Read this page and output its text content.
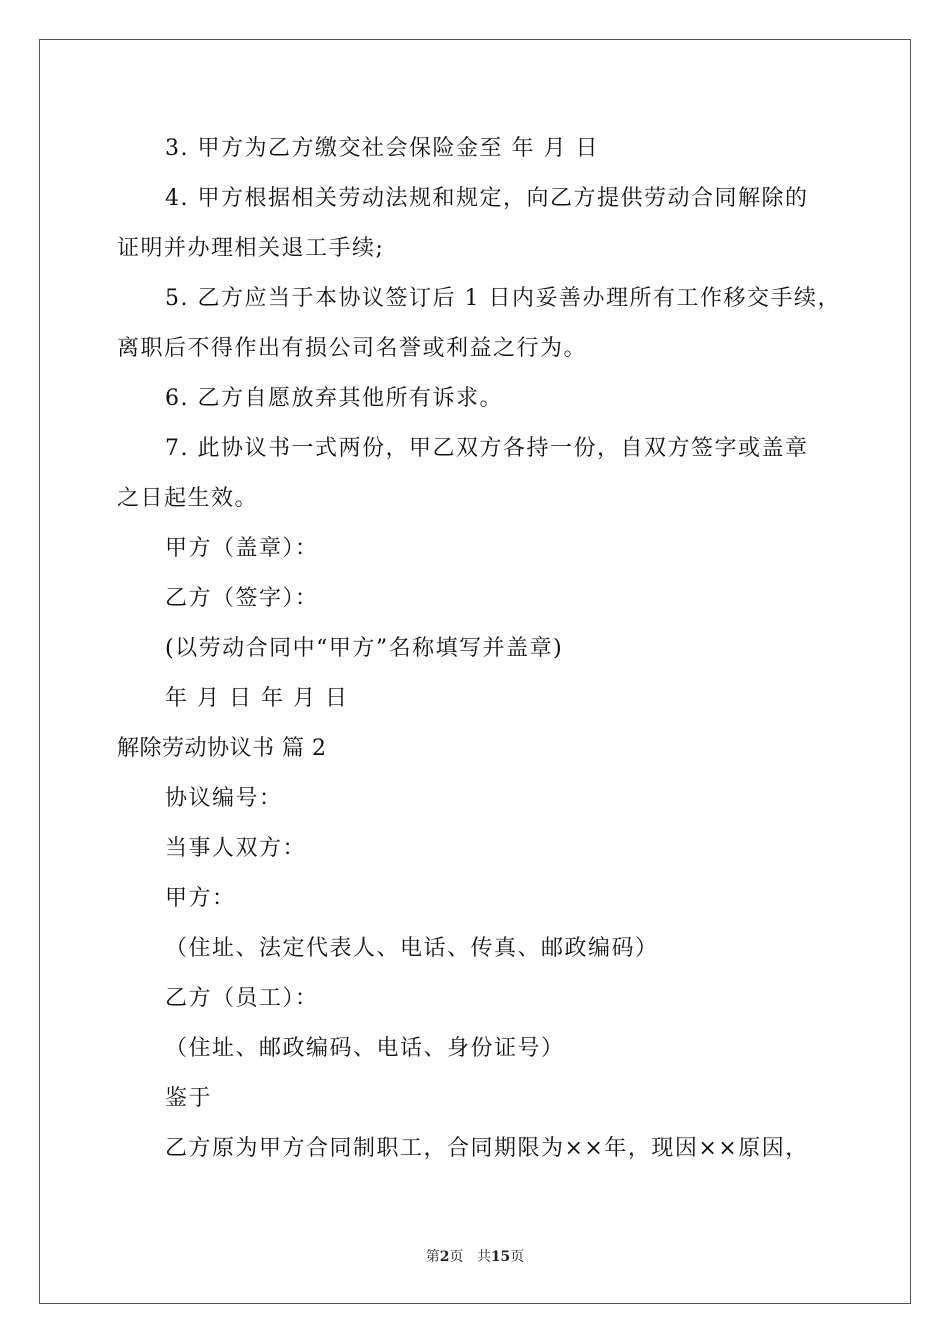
3. 甲方为乙方缴交社会保险金至 年 月 日
4. 甲方根据相关劳动法规和规定，向乙方提供劳动合同解除的
证明并办理相关退工手续;
5. 乙方应当于本协议签订后 1 日内妥善办理所有工作移交手续，
离职后不得作出有损公司名誉或利益之行为。
6. 乙方自愿放弃其他所有诉求。
7. 此协议书一式两份，甲乙双方各持一份，自双方签字或盖章
之日起生效。
甲方（盖章）：
乙方（签字）：
(以劳动合同中“甲方”名称填写并盖章)
年 月 日 年 月 日
解除劳动协议书 篇 2
协议编号：
当事人双方：
甲方：
（住址、法定代表人、电话、传真、邮政编码）
乙方（员工）：
（住址、邮政编码、电话、身份证号）
鉴于
乙方原为甲方合同制职工，合同期限为××年，现因××原因，
第2页 共15页
